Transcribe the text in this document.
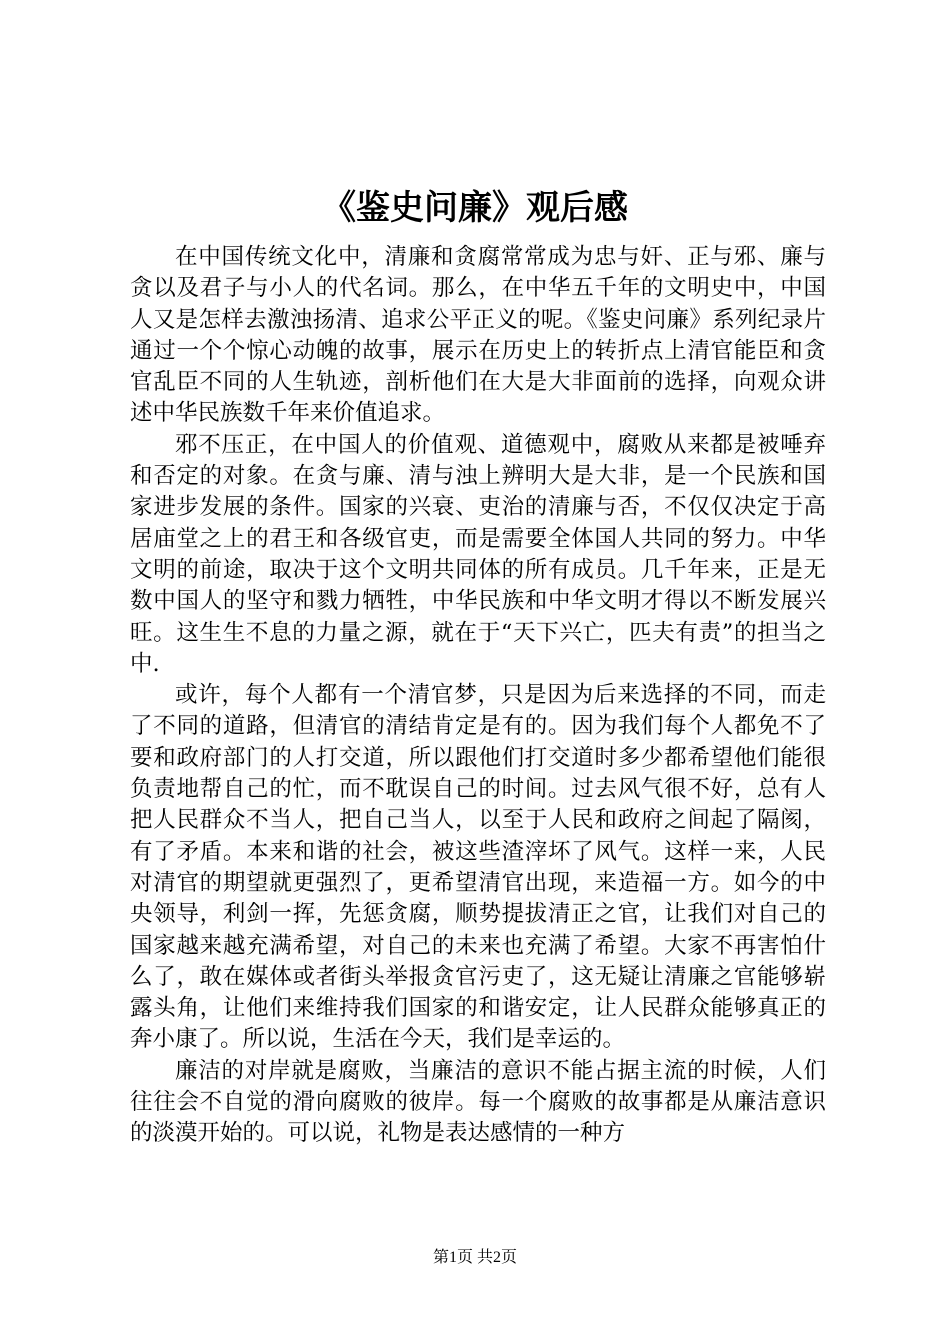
《鉴史问廉》观后感

在中国传统文化中，清廉和贪腐常常成为忠与奸、正与邪、廉与贪以及君子与小人的代名词。那么，在中华五千年的文明史中，中国人又是怎样去激浊扬清、追求公平正义的呢。《鉴史问廉》系列纪录片通过一个个惊心动魄的故事，展示在历史上的转折点上清官能臣和贪官乱臣不同的人生轨迹，剖析他们在大是大非面前的选择，向观众讲述中华民族数千年来价值追求。

邪不压正，在中国人的价值观、道德观中，腐败从来都是被唾弃和否定的对象。在贪与廉、清与浊上辨明大是大非，是一个民族和国家进步发展的条件。国家的兴衰、吏治的清廉与否，不仅仅决定于高居庙堂之上的君王和各级官吏，而是需要全体国人共同的努力。中华文明的前途，取决于这个文明共同体的所有成员。几千年来，正是无数中国人的坚守和戮力牺牲，中华民族和中华文明才得以不断发展兴旺。这生生不息的力量之源，就在于“天下兴亡，匹夫有责”的担当之中.

或许，每个人都有一个清官梦，只是因为后来选择的不同，而走了不同的道路，但清官的清结肯定是有的。因为我们每个人都免不了要和政府部门的人打交道，所以跟他们打交道时多少都希望他们能很负责地帮自己的忙，而不耽误自己的时间。过去风气很不好，总有人把人民群众不当人，把自己当人，以至于人民和政府之间起了隔阂，有了矛盾。本来和谐的社会，被这些渣滓坏了风气。这样一来，人民对清官的期望就更强烈了，更希望清官出现，来造福一方。如今的中央领导，利剑一挥，先惩贪腐，顺势提拔清正之官，让我们对自己的国家越来越充满希望，对自己的未来也充满了希望。大家不再害怕什么了，敢在媒体或者街头举报贪官污吏了，这无疑让清廉之官能够崭露头角，让他们来维持我们国家的和谐安定，让人民群众能够真正的奔小康了。所以说，生活在今天，我们是幸运的。

廉洁的对岸就是腐败，当廉洁的意识不能占据主流的时候，人们往往会不自觉的滑向腐败的彼岸。每一个腐败的故事都是从廉洁意识的淡漠开始的。可以说，礼物是表达感情的一种方

第1页 共2页
